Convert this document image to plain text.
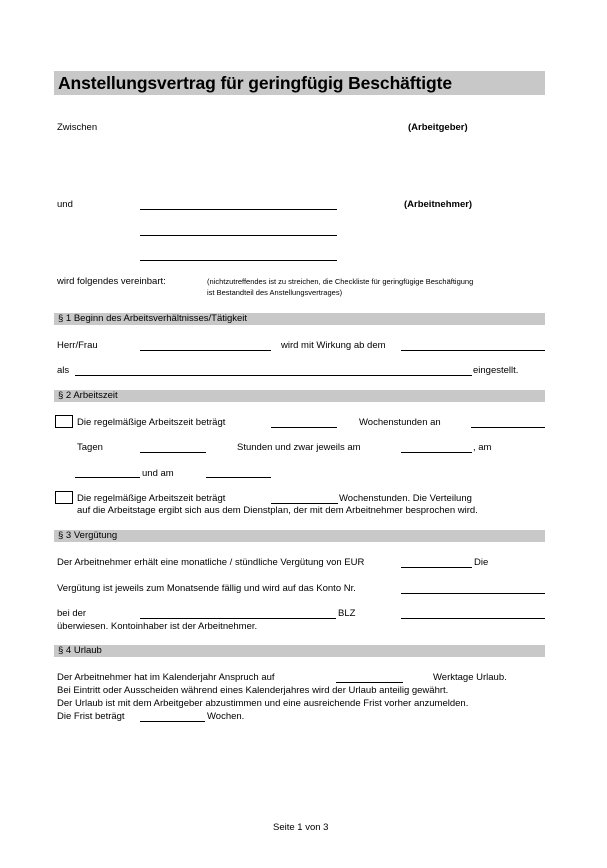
Anstellungsvertrag für geringfügig Beschäftigte
Zwischen	(Arbeitgeber)
und	(Arbeitnehmer)
wird folgendes vereinbart:	(nichtzutreffendes ist zu streichen, die Checkliste für geringfügige Beschäftigung
ist Bestandteil des Anstellungsvertrages)
§ 1 Beginn des Arbeitsverhältnisses/Tätigkeit
Herr/Frau	wird mit Wirkung ab dem
als	eingestellt.
§ 2 Arbeitszeit
Die regelmäßige Arbeitszeit beträgt	Wochenstunden an
Tagen	Stunden und zwar jeweils am	, am
und am
Die regelmäßige Arbeitszeit beträgt	Wochenstunden. Die Verteilung
auf die Arbeitstage ergibt sich aus dem Dienstplan, der mit dem Arbeitnehmer besprochen wird.
§ 3 Vergütung
Der Arbeitnehmer erhält eine monatliche / stündliche Vergütung von EUR	Die
Vergütung ist jeweils zum Monatsende fällig und wird auf das Konto Nr.
bei der	BLZ
überwiesen. Kontoinhaber ist der Arbeitnehmer.
§ 4 Urlaub
Der Arbeitnehmer hat im Kalenderjahr Anspruch auf	Werktage Urlaub.
Bei Eintritt oder Ausscheiden während eines Kalenderjahres wird der Urlaub anteilig gewährt.
Der Urlaub ist mit dem Arbeitgeber abzustimmen und eine ausreichende Frist vorher anzumelden.
Die Frist beträgt	Wochen.
Seite 1 von 3
